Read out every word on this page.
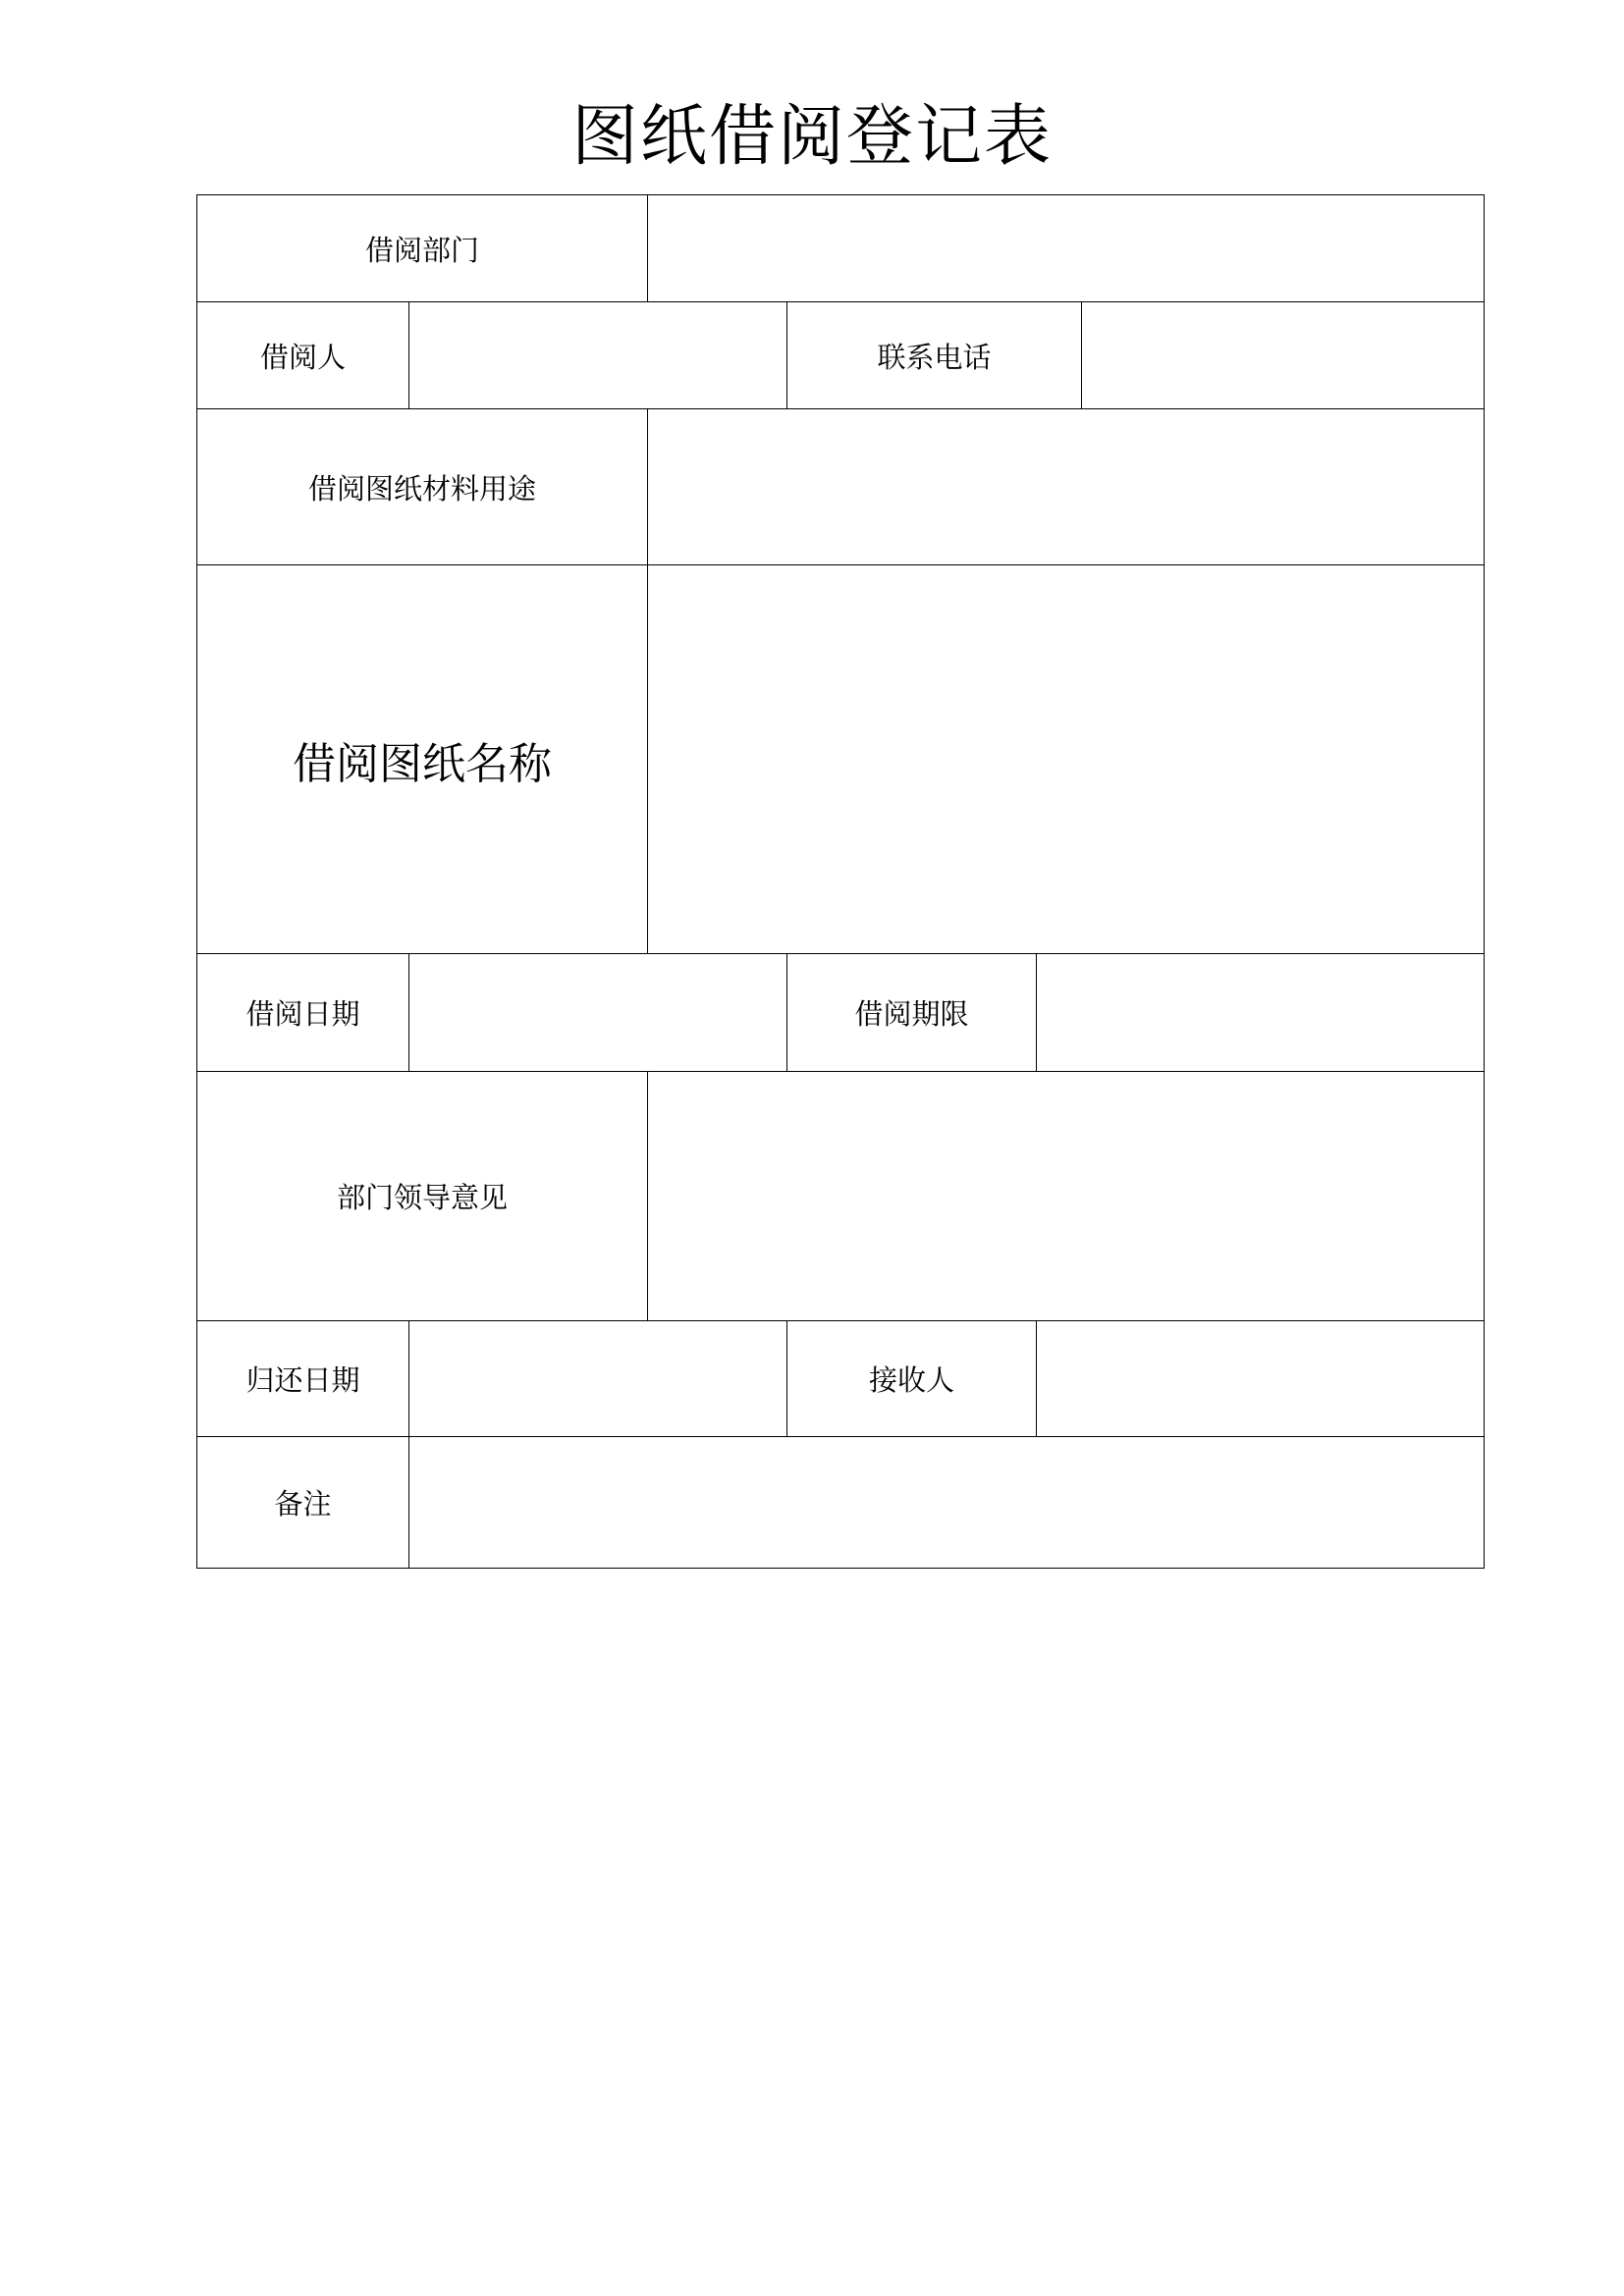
图纸借阅登记表
借阅部门
借阅人	联系电话
借阅图纸材料用途
借阅图纸名称
借阅日期	借阅期限
部门领导意见
归还日期	接收人
备注
